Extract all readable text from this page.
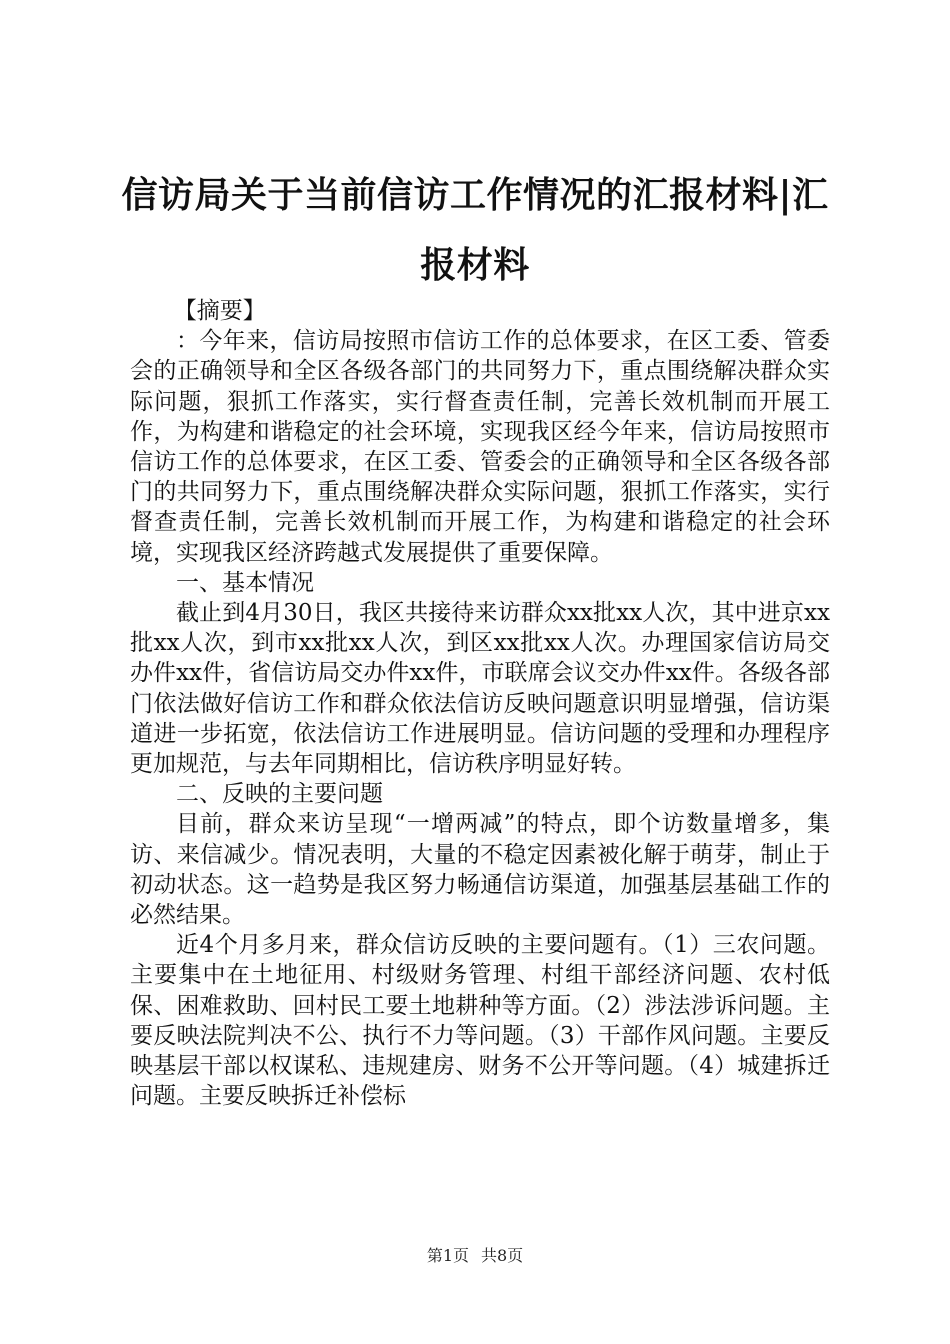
信访局关于当前信访工作情况的汇报材料|汇报材料

【摘要】

：今年来，信访局按照市信访工作的总体要求，在区工委、管委会的正确领导和全区各级各部门的共同努力下，重点围绕解决群众实际问题，狠抓工作落实，实行督查责任制，完善长效机制而开展工作，为构建和谐稳定的社会环境，实现我区经今年来，信访局按照市信访工作的总体要求，在区工委、管委会的正确领导和全区各级各部门的共同努力下，重点围绕解决群众实际问题，狠抓工作落实，实行督查责任制，完善长效机制而开展工作，为构建和谐稳定的社会环境，实现我区经济跨越式发展提供了重要保障。

一、基本情况

截止到4月30日，我区共接待来访群众xx批xx人次，其中进京xx批xx人次，到市xx批xx人次，到区xx批xx人次。办理国家信访局交办件xx件，省信访局交办件xx件，市联席会议交办件xx件。各级各部门依法做好信访工作和群众依法信访反映问题意识明显增强，信访渠道进一步拓宽，依法信访工作进展明显。信访问题的受理和办理程序更加规范，与去年同期相比，信访秩序明显好转。

二、反映的主要问题

目前，群众来访呈现“一增两减”的特点，即个访数量增多，集访、来信减少。情况表明，大量的不稳定因素被化解于萌芽，制止于初动状态。这一趋势是我区努力畅通信访渠道，加强基层基础工作的必然结果。

近4个月多月来，群众信访反映的主要问题有。（1）三农问题。主要集中在土地征用、村级财务管理、村组干部经济问题、农村低保、困难救助、回村民工要土地耕种等方面。（2）涉法涉诉问题。主要反映法院判决不公、执行不力等问题。（3）干部作风问题。主要反映基层干部以权谋私、违规建房、财务不公开等问题。（4）城建拆迁问题。主要反映拆迁补偿标

第1页 共8页
